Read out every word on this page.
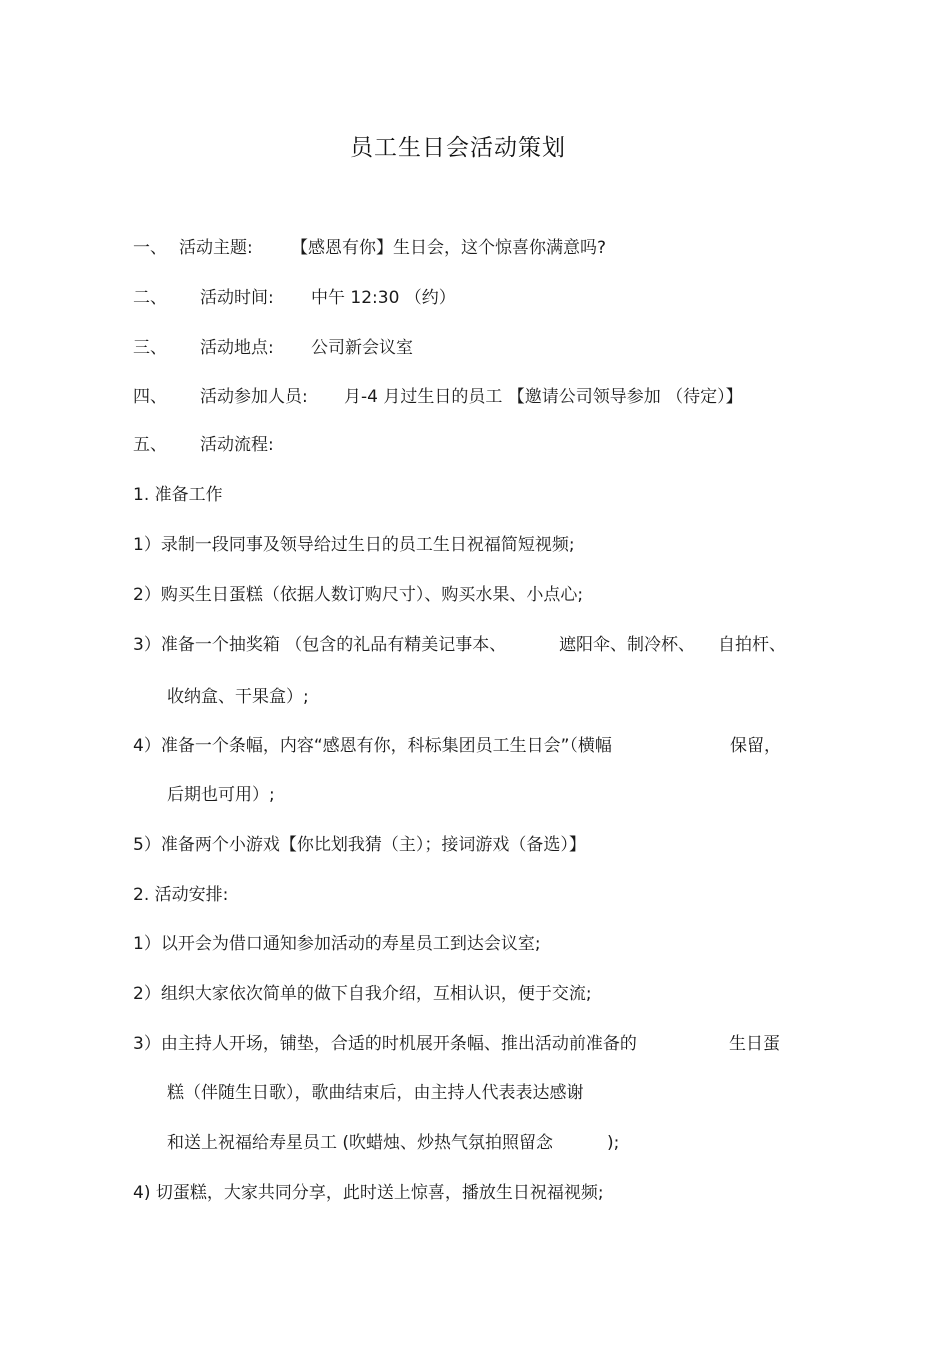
员工生日会活动策划
一、 活动主题: 【感恩有你】生日会，这个惊喜你满意吗?
二、 活动时间: 中午 12:30 （约）
三、 活动地点: 公司新会议室
四、 活动参加人员: 月-4 月过生日的员工 【邀请公司领导参加 （待定）】
五、 活动流程:
1. 准备工作
1）录制一段同事及领导给过生日的员工生日祝福简短视频;
2）购买生日蛋糕（依据人数订购尺寸）、购买水果、小点心;
3）准备一个抽奖箱 （包含的礼品有精美记事本、	遮阳伞、制冷杯、 自拍杆、
收纳盒、干果盒）;
4）准备一个条幅，内容“感恩有你，科标集团员工生日会”（横幅	保留，
后期也可用）;
5）准备两个小游戏【你比划我猜（主）；接词游戏（备选）】
2. 活动安排:
1）以开会为借口通知参加活动的寿星员工到达会议室;
2）组织大家依次简单的做下自我介绍，互相认识，便于交流;
3）由主持人开场，铺垫，合适的时机展开条幅、推出活动前准备的	生日蛋
糕（伴随生日歌），歌曲结束后，由主持人代表表达感谢
和送上祝福给寿星员工 (吹蜡烛、炒热气氛拍照留念	);
4) 切蛋糕，大家共同分享，此时送上惊喜，播放生日祝福视频;
